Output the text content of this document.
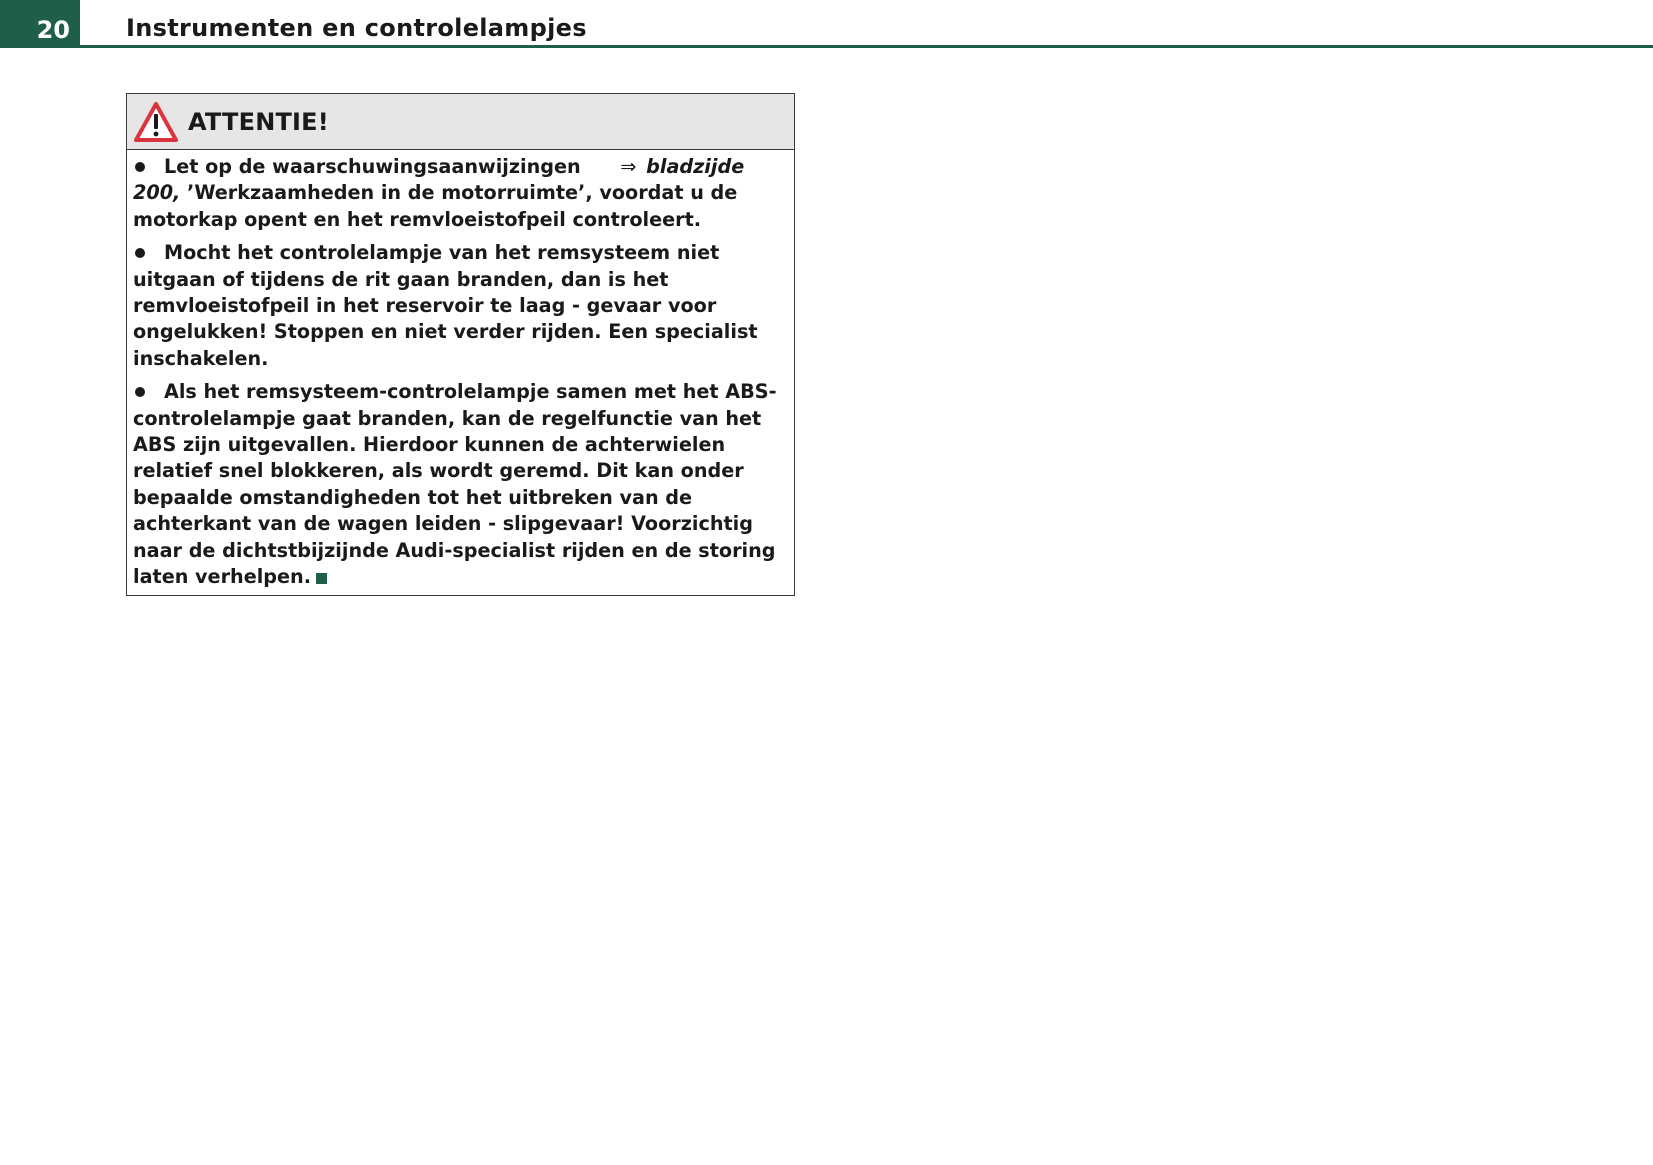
20 Instrumenten en controlelampjes
ATTENTIE!

Let op de waarschuwingsaanwijzingen ⇒ bladzijde 200, ’Werkzaamheden in de motorruimte’, voordat u de motorkap opent en het remvloeistofpeil controleert.

Mocht het controlelampje van het remsysteem niet uitgaan of tijdens de rit gaan branden, dan is het remvloeistofpeil in het reservoir te laag - gevaar voor ongelukken! Stoppen en niet verder rijden. Een specialist inschakelen.

Als het remsysteem-controlelampje samen met het ABS-controlelampje gaat branden, kan de regelfunctie van het ABS zijn uitgevallen. Hierdoor kunnen de achterwielen relatief snel blokkeren, als wordt geremd. Dit kan onder bepaalde omstandigheden tot het uitbreken van de achterkant van de wagen leiden - slipgevaar! Voorzichtig naar de dichtstbijzijnde Audi-specialist rijden en de storing laten verhelpen.
